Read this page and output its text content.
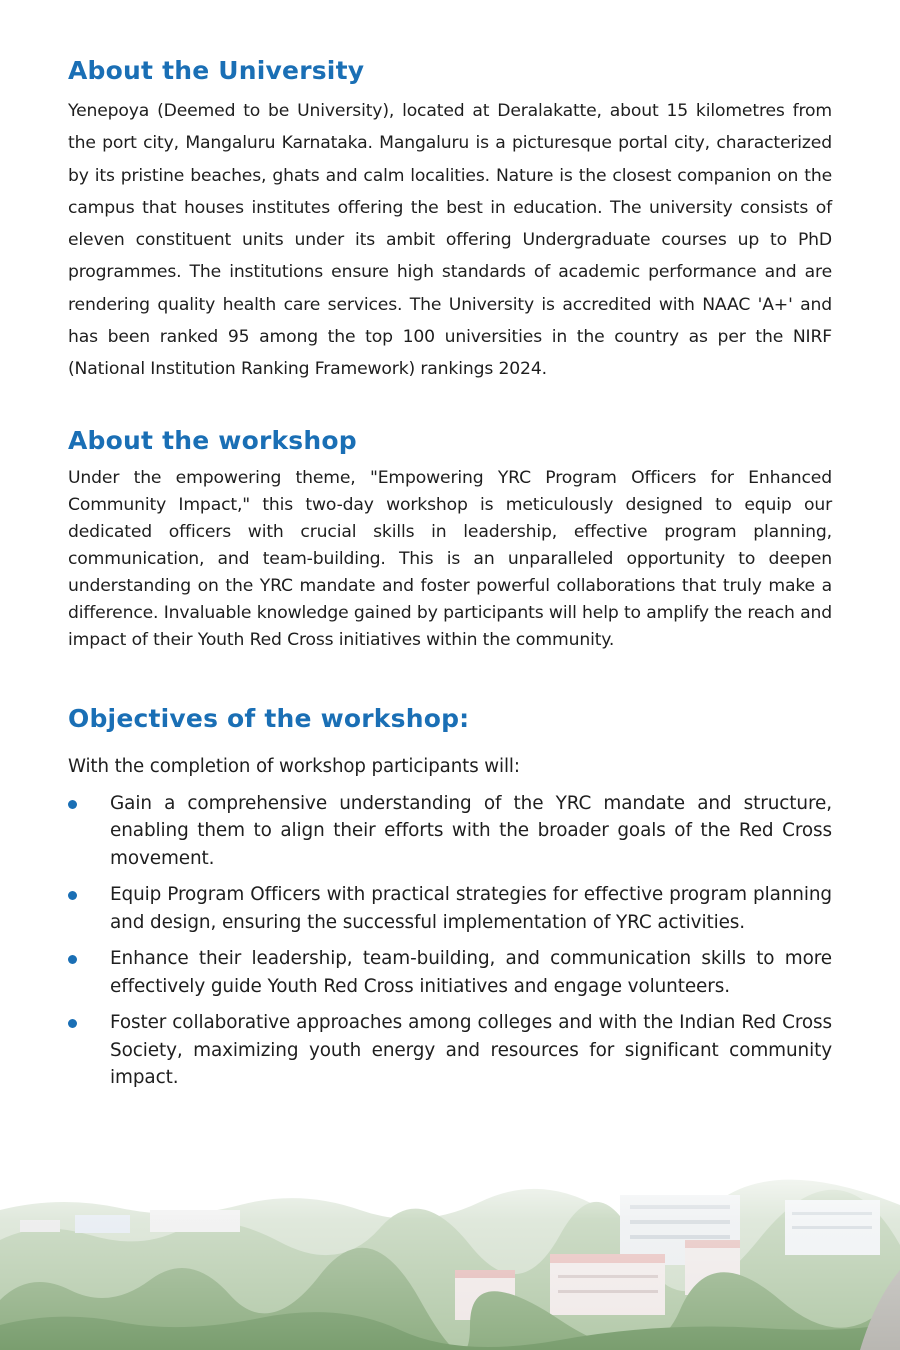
About the University

Yenepoya (Deemed to be University), located at Deralakatte, about 15 kilometres from the port city, Mangaluru Karnataka. Mangaluru is a picturesque portal city, characterized by its pristine beaches, ghats and calm localities. Nature is the closest companion on the campus that houses institutes offering the best in education. The university consists of eleven constituent units under its ambit offering Undergraduate courses up to PhD programmes. The institutions ensure high standards of academic performance and are rendering quality health care services. The University is accredited with NAAC 'A+' and has been ranked 95 among the top 100 universities in the country as per the NIRF (National Institution Ranking Framework) rankings 2024.

About the workshop

Under the empowering theme, "Empowering YRC Program Officers for Enhanced Community Impact," this two-day workshop is meticulously designed to equip our dedicated officers with crucial skills in leadership, effective program planning, communication, and team-building. This is an unparalleled opportunity to deepen understanding on the YRC mandate and foster powerful collaborations that truly make a difference. Invaluable knowledge gained by participants will help to amplify the reach and impact of their Youth Red Cross initiatives within the community.

Objectives of the workshop:

With the completion of workshop participants will:

Gain a comprehensive understanding of the YRC mandate and structure, enabling them to align their efforts with the broader goals of the Red Cross movement.
Equip Program Officers with practical strategies for effective program planning and design, ensuring the successful implementation of YRC activities.
Enhance their leadership, team-building, and communication skills to more effectively guide Youth Red Cross initiatives and engage volunteers.
Foster collaborative approaches among colleges and with the Indian Red Cross Society, maximizing youth energy and resources for significant community impact.
